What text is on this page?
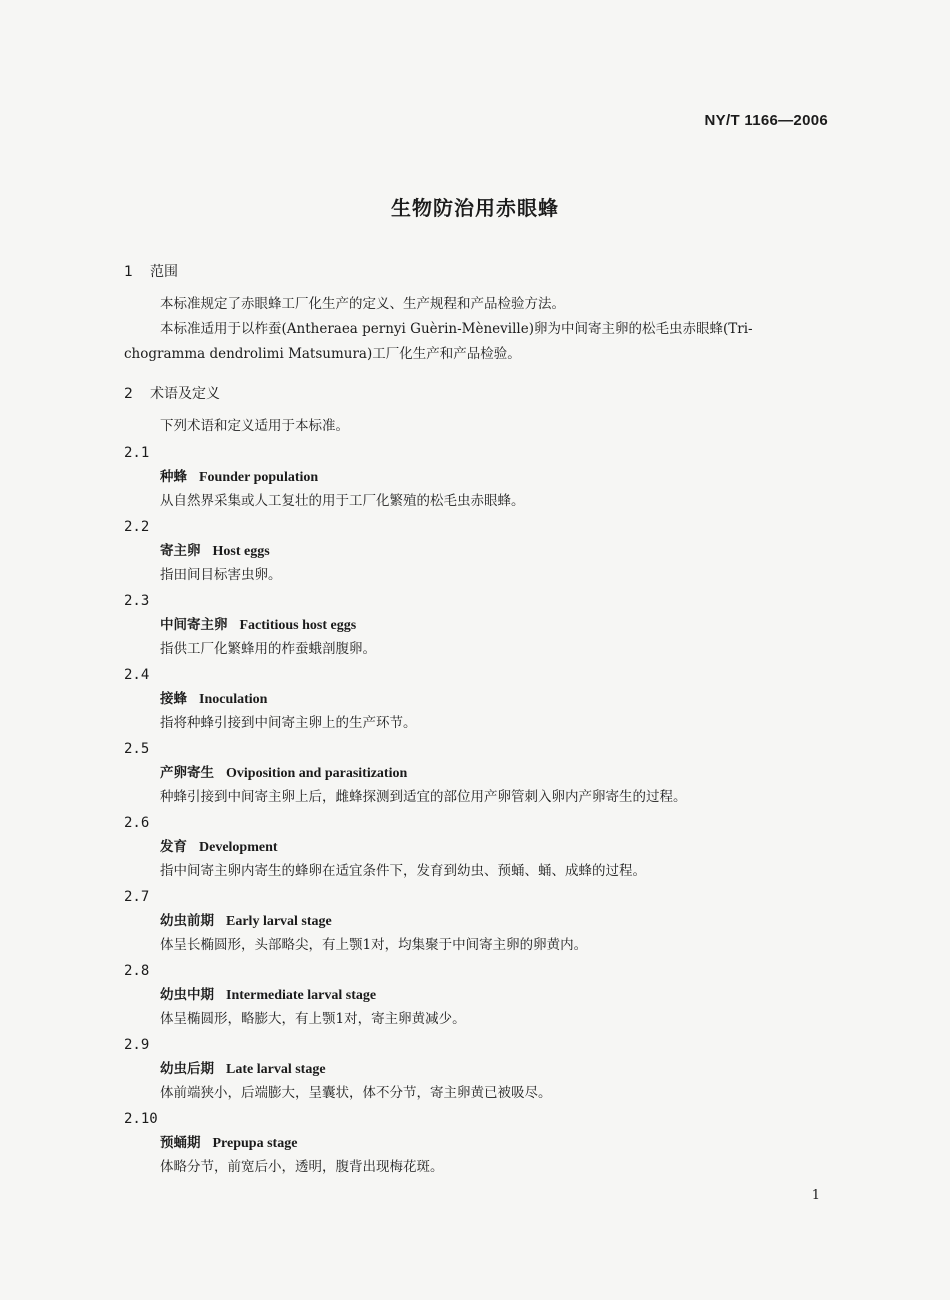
NY/T 1166—2006
生物防治用赤眼蜂
1 范围

本标准规定了赤眼蜂工厂化生产的定义、生产规程和产品检验方法。

本标准适用于以柞蚕(Antheraea pernyi Guèrin-Mèneville)卵为中间寄主卵的松毛虫赤眼蜂(Tri-

chogramma dendrolimi Matsumura)工厂化生产和产品检验。

2 术语及定义

下列术语和定义适用于本标准。

2.1
种蜂 Founder population
从自然界采集或人工复壮的用于工厂化繁殖的松毛虫赤眼蜂。
2.2
寄主卵 Host eggs
指田间目标害虫卵。
2.3
中间寄主卵 Factitious host eggs
指供工厂化繁蜂用的柞蚕蛾剖腹卵。
2.4
接蜂 Inoculation
指将种蜂引接到中间寄主卵上的生产环节。
2.5
产卵寄生 Oviposition and parasitization
种蜂引接到中间寄主卵上后，雌蜂探测到适宜的部位用产卵管刺入卵内产卵寄生的过程。
2.6
发育 Development
指中间寄主卵内寄生的蜂卵在适宜条件下，发育到幼虫、预蛹、蛹、成蜂的过程。
2.7
幼虫前期 Early larval stage
体呈长椭圆形，头部略尖，有上颚1对，均集聚于中间寄主卵的卵黄内。
2.8
幼虫中期 Intermediate larval stage
体呈椭圆形，略膨大，有上颚1对，寄主卵黄减少。
2.9
幼虫后期 Late larval stage
体前端狭小，后端膨大，呈囊状，体不分节，寄主卵黄已被吸尽。
2.10
预蛹期 Prepupa stage
体略分节，前宽后小，透明，腹背出现梅花斑。
1
